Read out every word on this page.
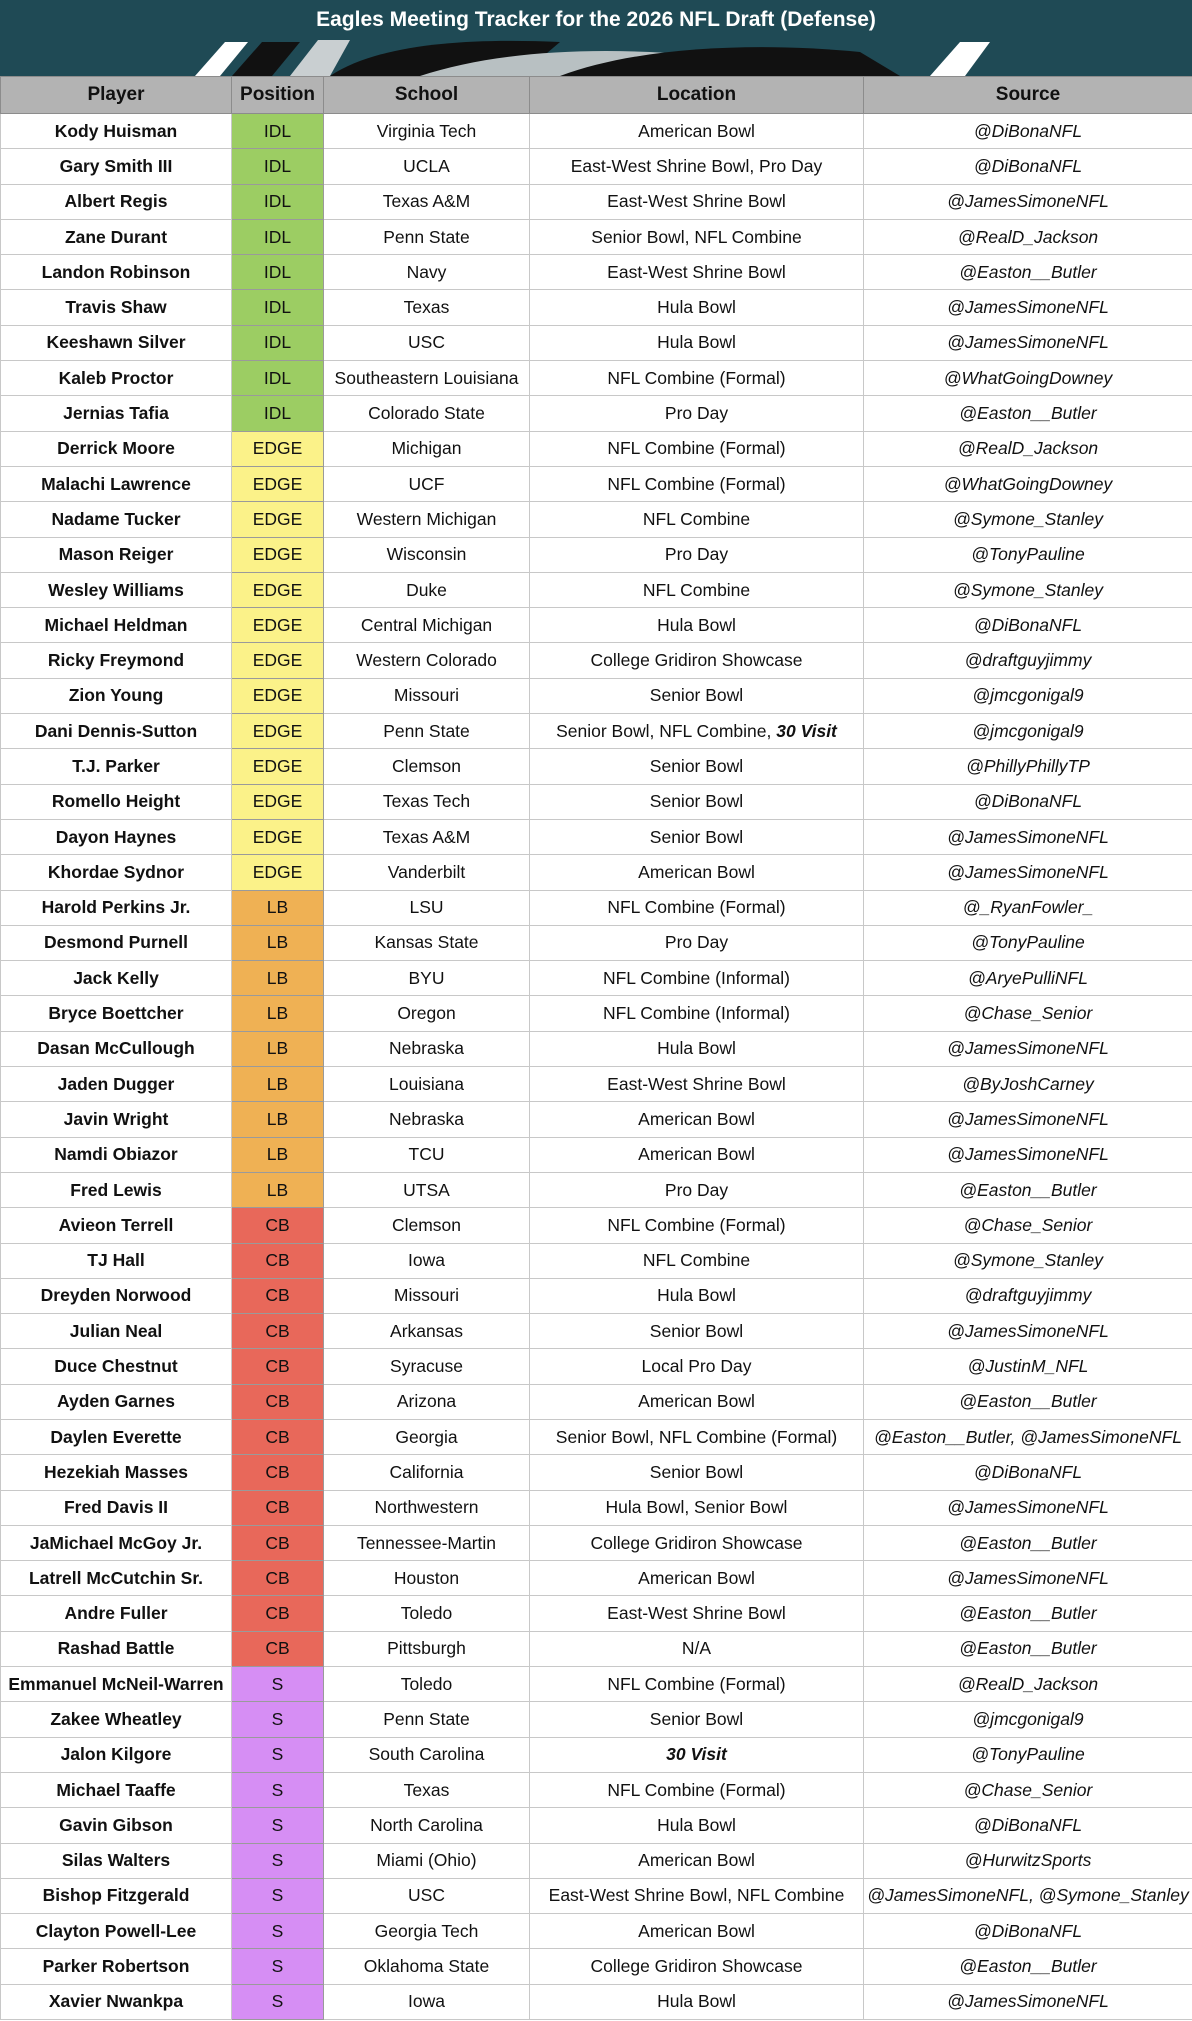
Eagles Meeting Tracker for the 2026 NFL Draft (Defense)
Player	Position	School	Location	Source
Kody Huisman	IDL	Virginia Tech	American Bowl	@DiBonaNFL
Gary Smith III	IDL	UCLA	East-West Shrine Bowl, Pro Day	@DiBonaNFL
Albert Regis	IDL	Texas A&M	East-West Shrine Bowl	@JamesSimoneNFL
Zane Durant	IDL	Penn State	Senior Bowl, NFL Combine	@RealD_Jackson
Landon Robinson	IDL	Navy	East-West Shrine Bowl	@Easton__Butler
Travis Shaw	IDL	Texas	Hula Bowl	@JamesSimoneNFL
Keeshawn Silver	IDL	USC	Hula Bowl	@JamesSimoneNFL
Kaleb Proctor	IDL	Southeastern Louisiana	NFL Combine (Formal)	@WhatGoingDowney
Jernias Tafia	IDL	Colorado State	Pro Day	@Easton__Butler
Derrick Moore	EDGE	Michigan	NFL Combine (Formal)	@RealD_Jackson
Malachi Lawrence	EDGE	UCF	NFL Combine (Formal)	@WhatGoingDowney
Nadame Tucker	EDGE	Western Michigan	NFL Combine	@Symone_Stanley
Mason Reiger	EDGE	Wisconsin	Pro Day	@TonyPauline
Wesley Williams	EDGE	Duke	NFL Combine	@Symone_Stanley
Michael Heldman	EDGE	Central Michigan	Hula Bowl	@DiBonaNFL
Ricky Freymond	EDGE	Western Colorado	College Gridiron Showcase	@draftguyjimmy
Zion Young	EDGE	Missouri	Senior Bowl	@jmcgonigal9
Dani Dennis-Sutton	EDGE	Penn State	Senior Bowl, NFL Combine, 30 Visit	@jmcgonigal9
T.J. Parker	EDGE	Clemson	Senior Bowl	@PhillyPhillyTP
Romello Height	EDGE	Texas Tech	Senior Bowl	@DiBonaNFL
Dayon Haynes	EDGE	Texas A&M	Senior Bowl	@JamesSimoneNFL
Khordae Sydnor	EDGE	Vanderbilt	American Bowl	@JamesSimoneNFL
Harold Perkins Jr.	LB	LSU	NFL Combine (Formal)	@_RyanFowler_
Desmond Purnell	LB	Kansas State	Pro Day	@TonyPauline
Jack Kelly	LB	BYU	NFL Combine (Informal)	@AryePulliNFL
Bryce Boettcher	LB	Oregon	NFL Combine (Informal)	@Chase_Senior
Dasan McCullough	LB	Nebraska	Hula Bowl	@JamesSimoneNFL
Jaden Dugger	LB	Louisiana	East-West Shrine Bowl	@ByJoshCarney
Javin Wright	LB	Nebraska	American Bowl	@JamesSimoneNFL
Namdi Obiazor	LB	TCU	American Bowl	@JamesSimoneNFL
Fred Lewis	LB	UTSA	Pro Day	@Easton__Butler
Avieon Terrell	CB	Clemson	NFL Combine (Formal)	@Chase_Senior
TJ Hall	CB	Iowa	NFL Combine	@Symone_Stanley
Dreyden Norwood	CB	Missouri	Hula Bowl	@draftguyjimmy
Julian Neal	CB	Arkansas	Senior Bowl	@JamesSimoneNFL
Duce Chestnut	CB	Syracuse	Local Pro Day	@JustinM_NFL
Ayden Garnes	CB	Arizona	American Bowl	@Easton__Butler
Daylen Everette	CB	Georgia	Senior Bowl, NFL Combine (Formal)	@Easton__Butler, @JamesSimoneNFL
Hezekiah Masses	CB	California	Senior Bowl	@DiBonaNFL
Fred Davis II	CB	Northwestern	Hula Bowl, Senior Bowl	@JamesSimoneNFL
JaMichael McGoy Jr.	CB	Tennessee-Martin	College Gridiron Showcase	@Easton__Butler
Latrell McCutchin Sr.	CB	Houston	American Bowl	@JamesSimoneNFL
Andre Fuller	CB	Toledo	East-West Shrine Bowl	@Easton__Butler
Rashad Battle	CB	Pittsburgh	N/A	@Easton__Butler
Emmanuel McNeil-Warren	S	Toledo	NFL Combine (Formal)	@RealD_Jackson
Zakee Wheatley	S	Penn State	Senior Bowl	@jmcgonigal9
Jalon Kilgore	S	South Carolina	30 Visit	@TonyPauline
Michael Taaffe	S	Texas	NFL Combine (Formal)	@Chase_Senior
Gavin Gibson	S	North Carolina	Hula Bowl	@DiBonaNFL
Silas Walters	S	Miami (Ohio)	American Bowl	@HurwitzSports
Bishop Fitzgerald	S	USC	East-West Shrine Bowl, NFL Combine	@JamesSimoneNFL, @Symone_Stanley
Clayton Powell-Lee	S	Georgia Tech	American Bowl	@DiBonaNFL
Parker Robertson	S	Oklahoma State	College Gridiron Showcase	@Easton__Butler
Xavier Nwankpa	S	Iowa	Hula Bowl	@JamesSimoneNFL
